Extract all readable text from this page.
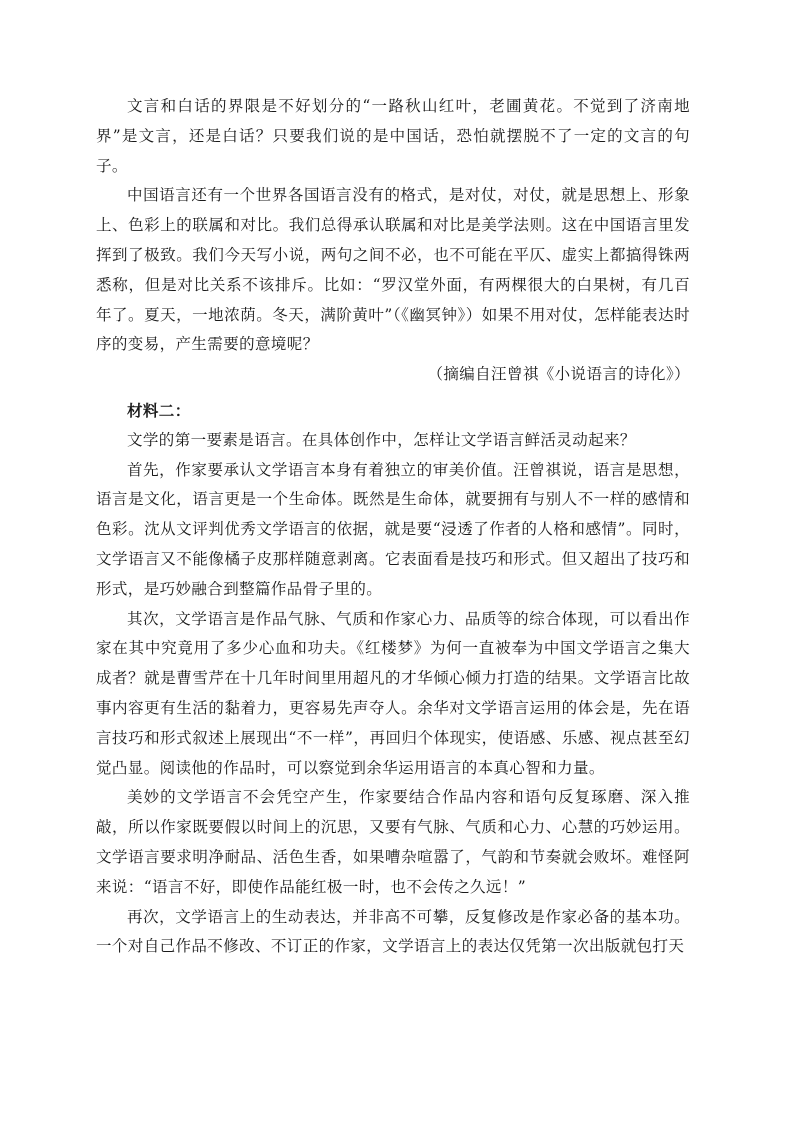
文言和白话的界限是不好划分的“一路秋山红叶，老圃黄花。不觉到了济南地界”是文言，还是白话？只要我们说的是中国话，恐怕就摆脱不了一定的文言的句子。

中国语言还有一个世界各国语言没有的格式，是对仗，对仗，就是思想上、形象上、色彩上的联属和对比。我们总得承认联属和对比是美学法则。这在中国语言里发挥到了极致。我们今天写小说，两句之间不必，也不可能在平仄、虚实上都搞得铢两悉称，但是对比关系不该排斥。比如：“罗汉堂外面，有两棵很大的白果树，有几百年了。夏天，一地浓荫。冬天，满阶黄叶”（《幽冥钟》）如果不用对仗，怎样能表达时序的变易，产生需要的意境呢？

（摘编自汪曾祺《小说语言的诗化》）

材料二：

文学的第一要素是语言。在具体创作中，怎样让文学语言鲜活灵动起来？

首先，作家要承认文学语言本身有着独立的审美价值。汪曾祺说，语言是思想，语言是文化，语言更是一个生命体。既然是生命体，就要拥有与别人不一样的感情和色彩。沈从文评判优秀文学语言的依据，就是要“浸透了作者的人格和感情”。同时，文学语言又不能像橘子皮那样随意剥离。它表面看是技巧和形式。但又超出了技巧和形式，是巧妙融合到整篇作品骨子里的。

其次，文学语言是作品气脉、气质和作家心力、品质等的综合体现，可以看出作家在其中究竟用了多少心血和功夫。《红楼梦》为何一直被奉为中国文学语言之集大成者？就是曹雪芹在十几年时间里用超凡的才华倾心倾力打造的结果。文学语言比故事内容更有生活的黏着力，更容易先声夺人。余华对文学语言运用的体会是，先在语言技巧和形式叙述上展现出“不一样”，再回归个体现实，使语感、乐感、视点甚至幻觉凸显。阅读他的作品时，可以察觉到余华运用语言的本真心智和力量。

美妙的文学语言不会凭空产生，作家要结合作品内容和语句反复琢磨、深入推敲，所以作家既要假以时间上的沉思，又要有气脉、气质和心力、心慧的巧妙运用。文学语言要求明净耐品、活色生香，如果嘈杂喧嚣了，气韵和节奏就会败坏。难怪阿来说：“语言不好，即使作品能红极一时，也不会传之久远！”

再次，文学语言上的生动表达，并非高不可攀，反复修改是作家必备的基本功。一个对自己作品不修改、不订正的作家，文学语言上的表达仅凭第一次出版就包打天
